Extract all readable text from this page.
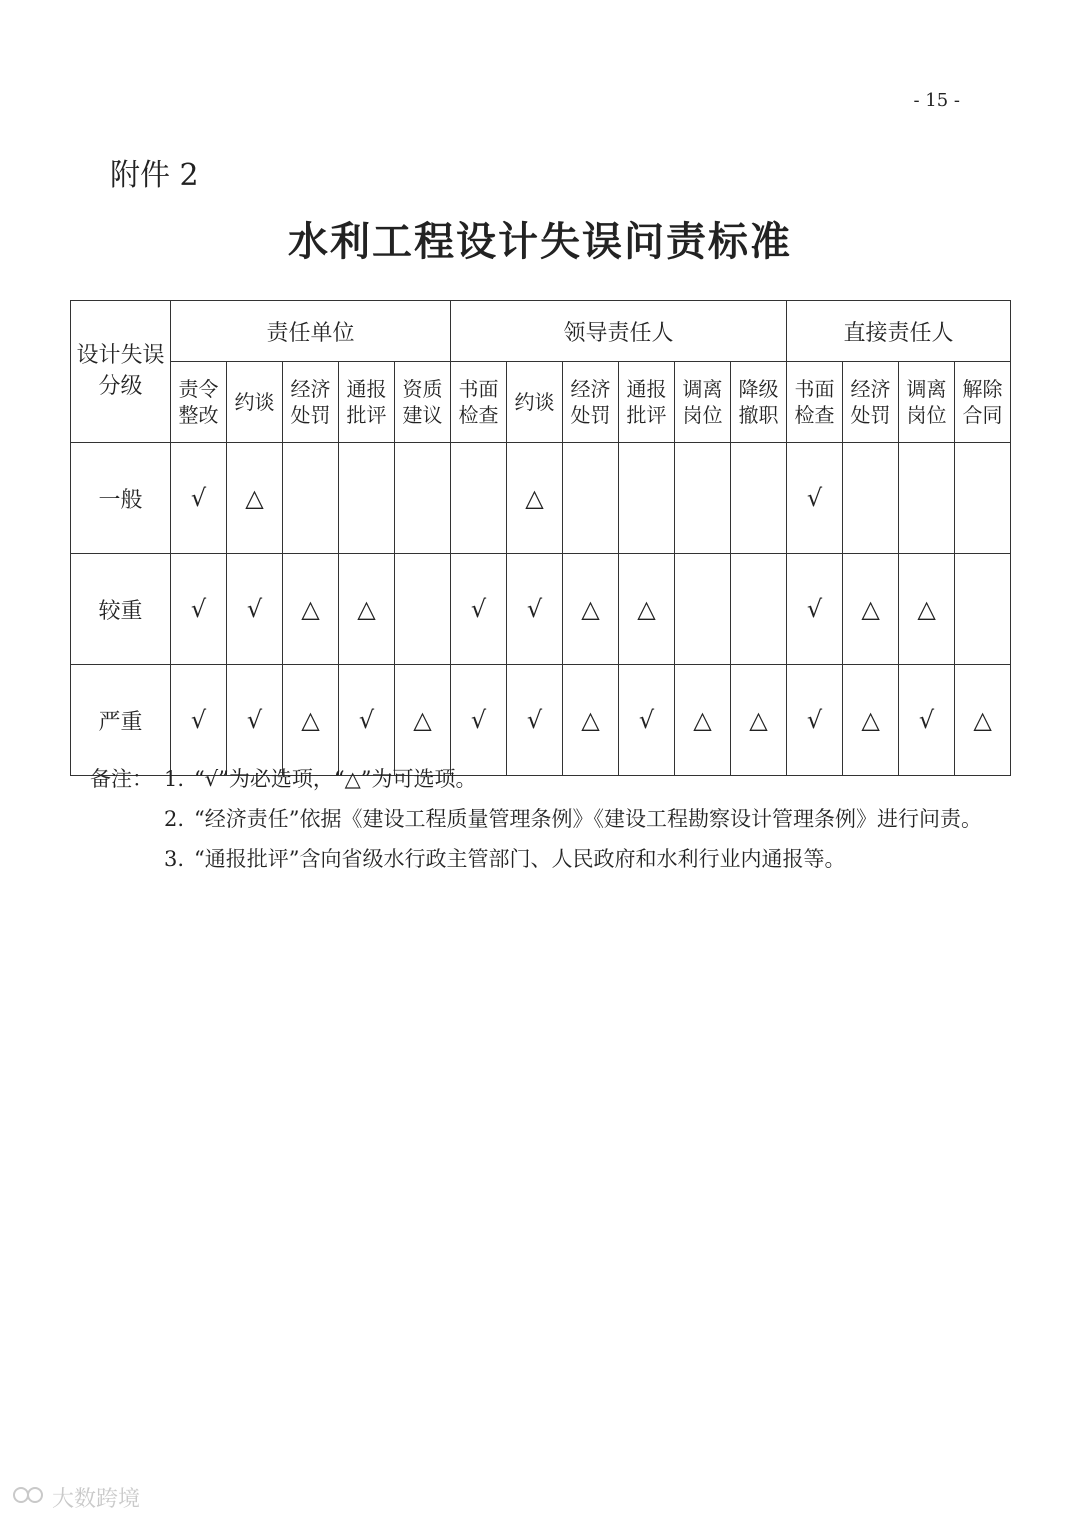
- 15 -
附件 2
水利工程设计失误问责标准
设计失误分级	责任单位					领导责任人						直接责任人			
	责令整改	约谈	经济处罚	通报批评	资质建议	书面检查	约谈	经济处罚	通报批评	调离岗位	降级撤职	书面检查	经济处罚	调离岗位	解除合同
一般	√	△					△					√			
较重	√	√	△	△		√	√	△	△			√	△	△	
严重	√	√	△	√	△	√	√	△	√	△	△	√	△	√	△
备注： 1. “√”为必选项，“△”为可选项。
2. “经济责任”依据《建设工程质量管理条例》《建设工程勘察设计管理条例》进行问责。
3. “通报批评”含向省级水行政主管部门、人民政府和水利行业内通报等。
大数跨境
